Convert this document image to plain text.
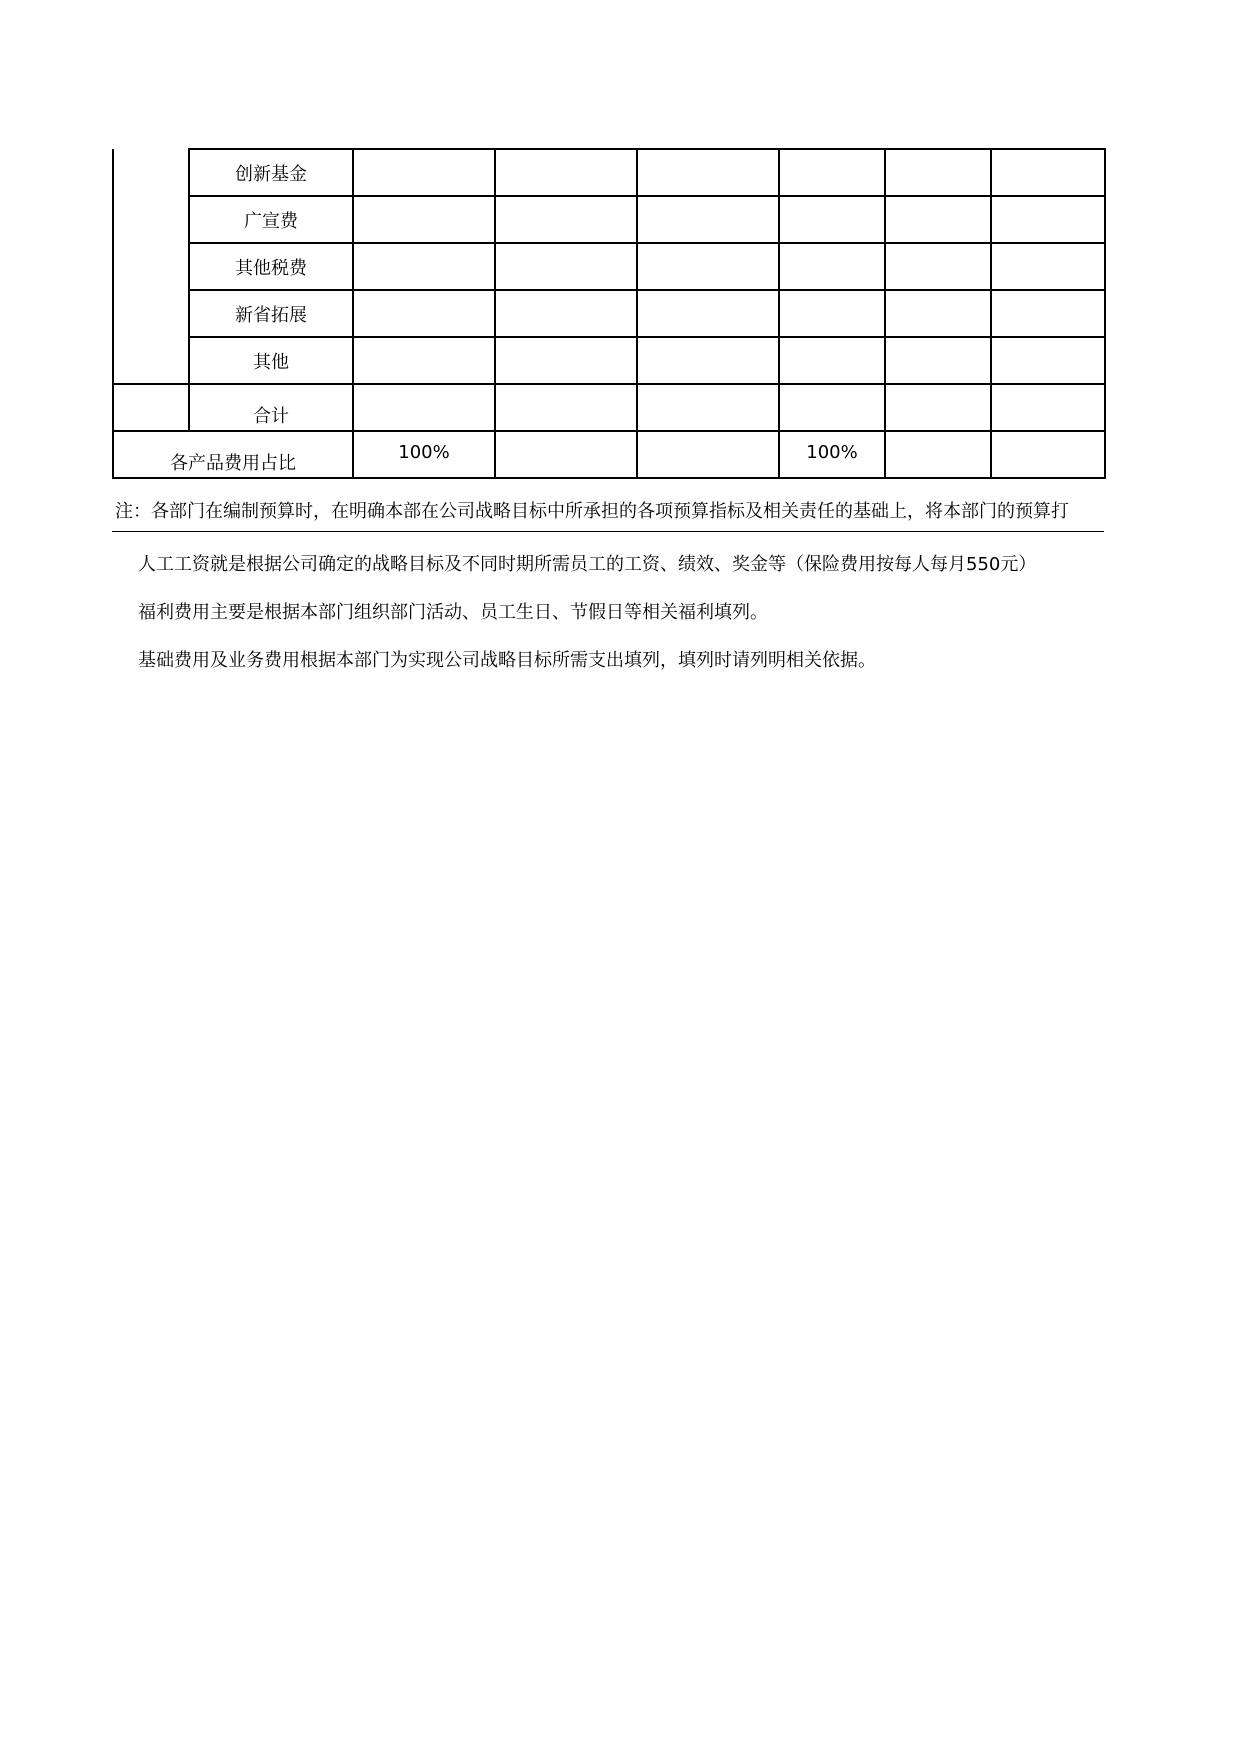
	创新基金						
	广宣费						
	其他税费						
	新省拓展						
	其他						
	合计						
各产品费用占比		100%			100%		
注：各部门在编制预算时，在明确本部在公司战略目标中所承担的各项预算指标及相关责任的基础上，将本部门的预算打
人工工资就是根据公司确定的战略目标及不同时期所需员工的工资、绩效、奖金等（保险费用按每人每月550元）
福利费用主要是根据本部门组织部门活动、员工生日、节假日等相关福利填列。
基础费用及业务费用根据本部门为实现公司战略目标所需支出填列，填列时请列明相关依据。
